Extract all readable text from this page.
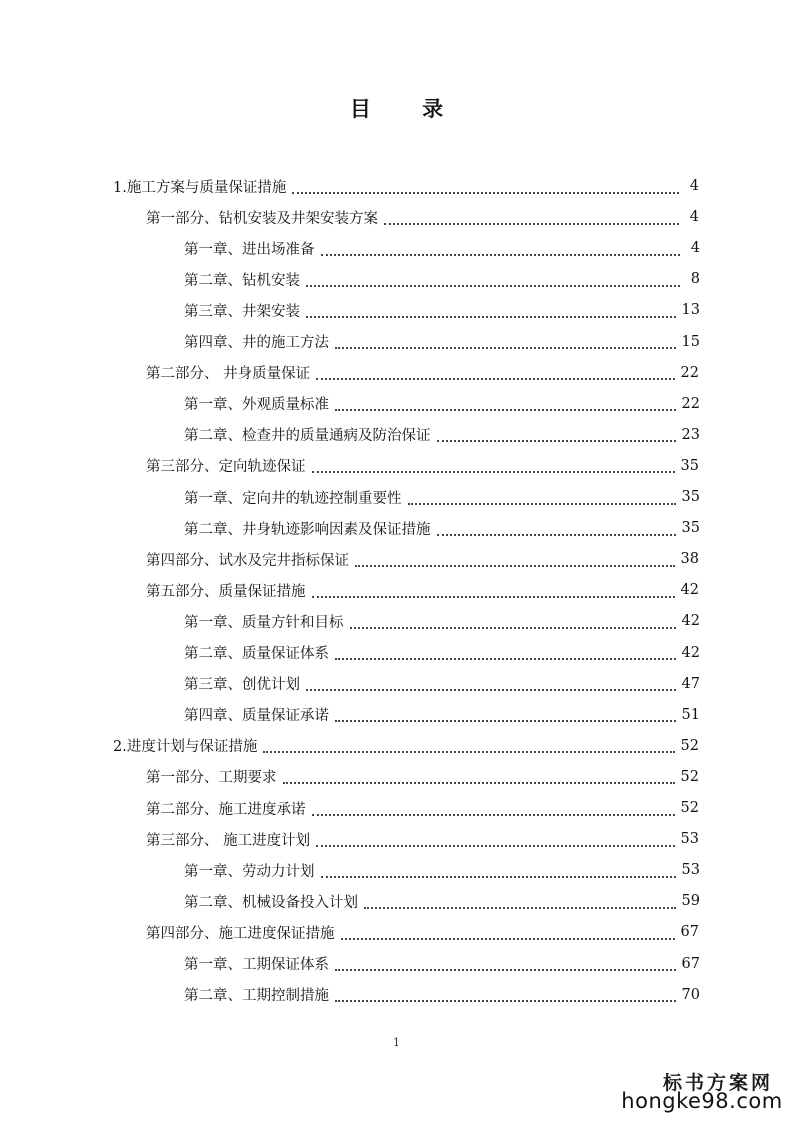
目 录
1.施工方案与质量保证措施	4
第一部分、钻机安装及井架安装方案	4
第一章、进出场准备	4
第二章、钻机安装	8
第三章、井架安装	13
第四章、井的施工方法	15
第二部分、 井身质量保证	22
第一章、外观质量标准	22
第二章、检查井的质量通病及防治保证	23
第三部分、定向轨迹保证	35
第一章、定向井的轨迹控制重要性	35
第二章、井身轨迹影响因素及保证措施	35
第四部分、试水及完井指标保证	38
第五部分、质量保证措施	42
第一章、质量方针和目标	42
第二章、质量保证体系	42
第三章、创优计划	47
第四章、质量保证承诺	51
2.进度计划与保证措施	52
第一部分、工期要求	52
第二部分、施工进度承诺	52
第三部分、 施工进度计划	53
第一章、劳动力计划	53
第二章、机械设备投入计划	59
第四部分、施工进度保证措施	67
第一章、工期保证体系	67
第二章、工期控制措施	70
1
标书方案网
hongke98.com
